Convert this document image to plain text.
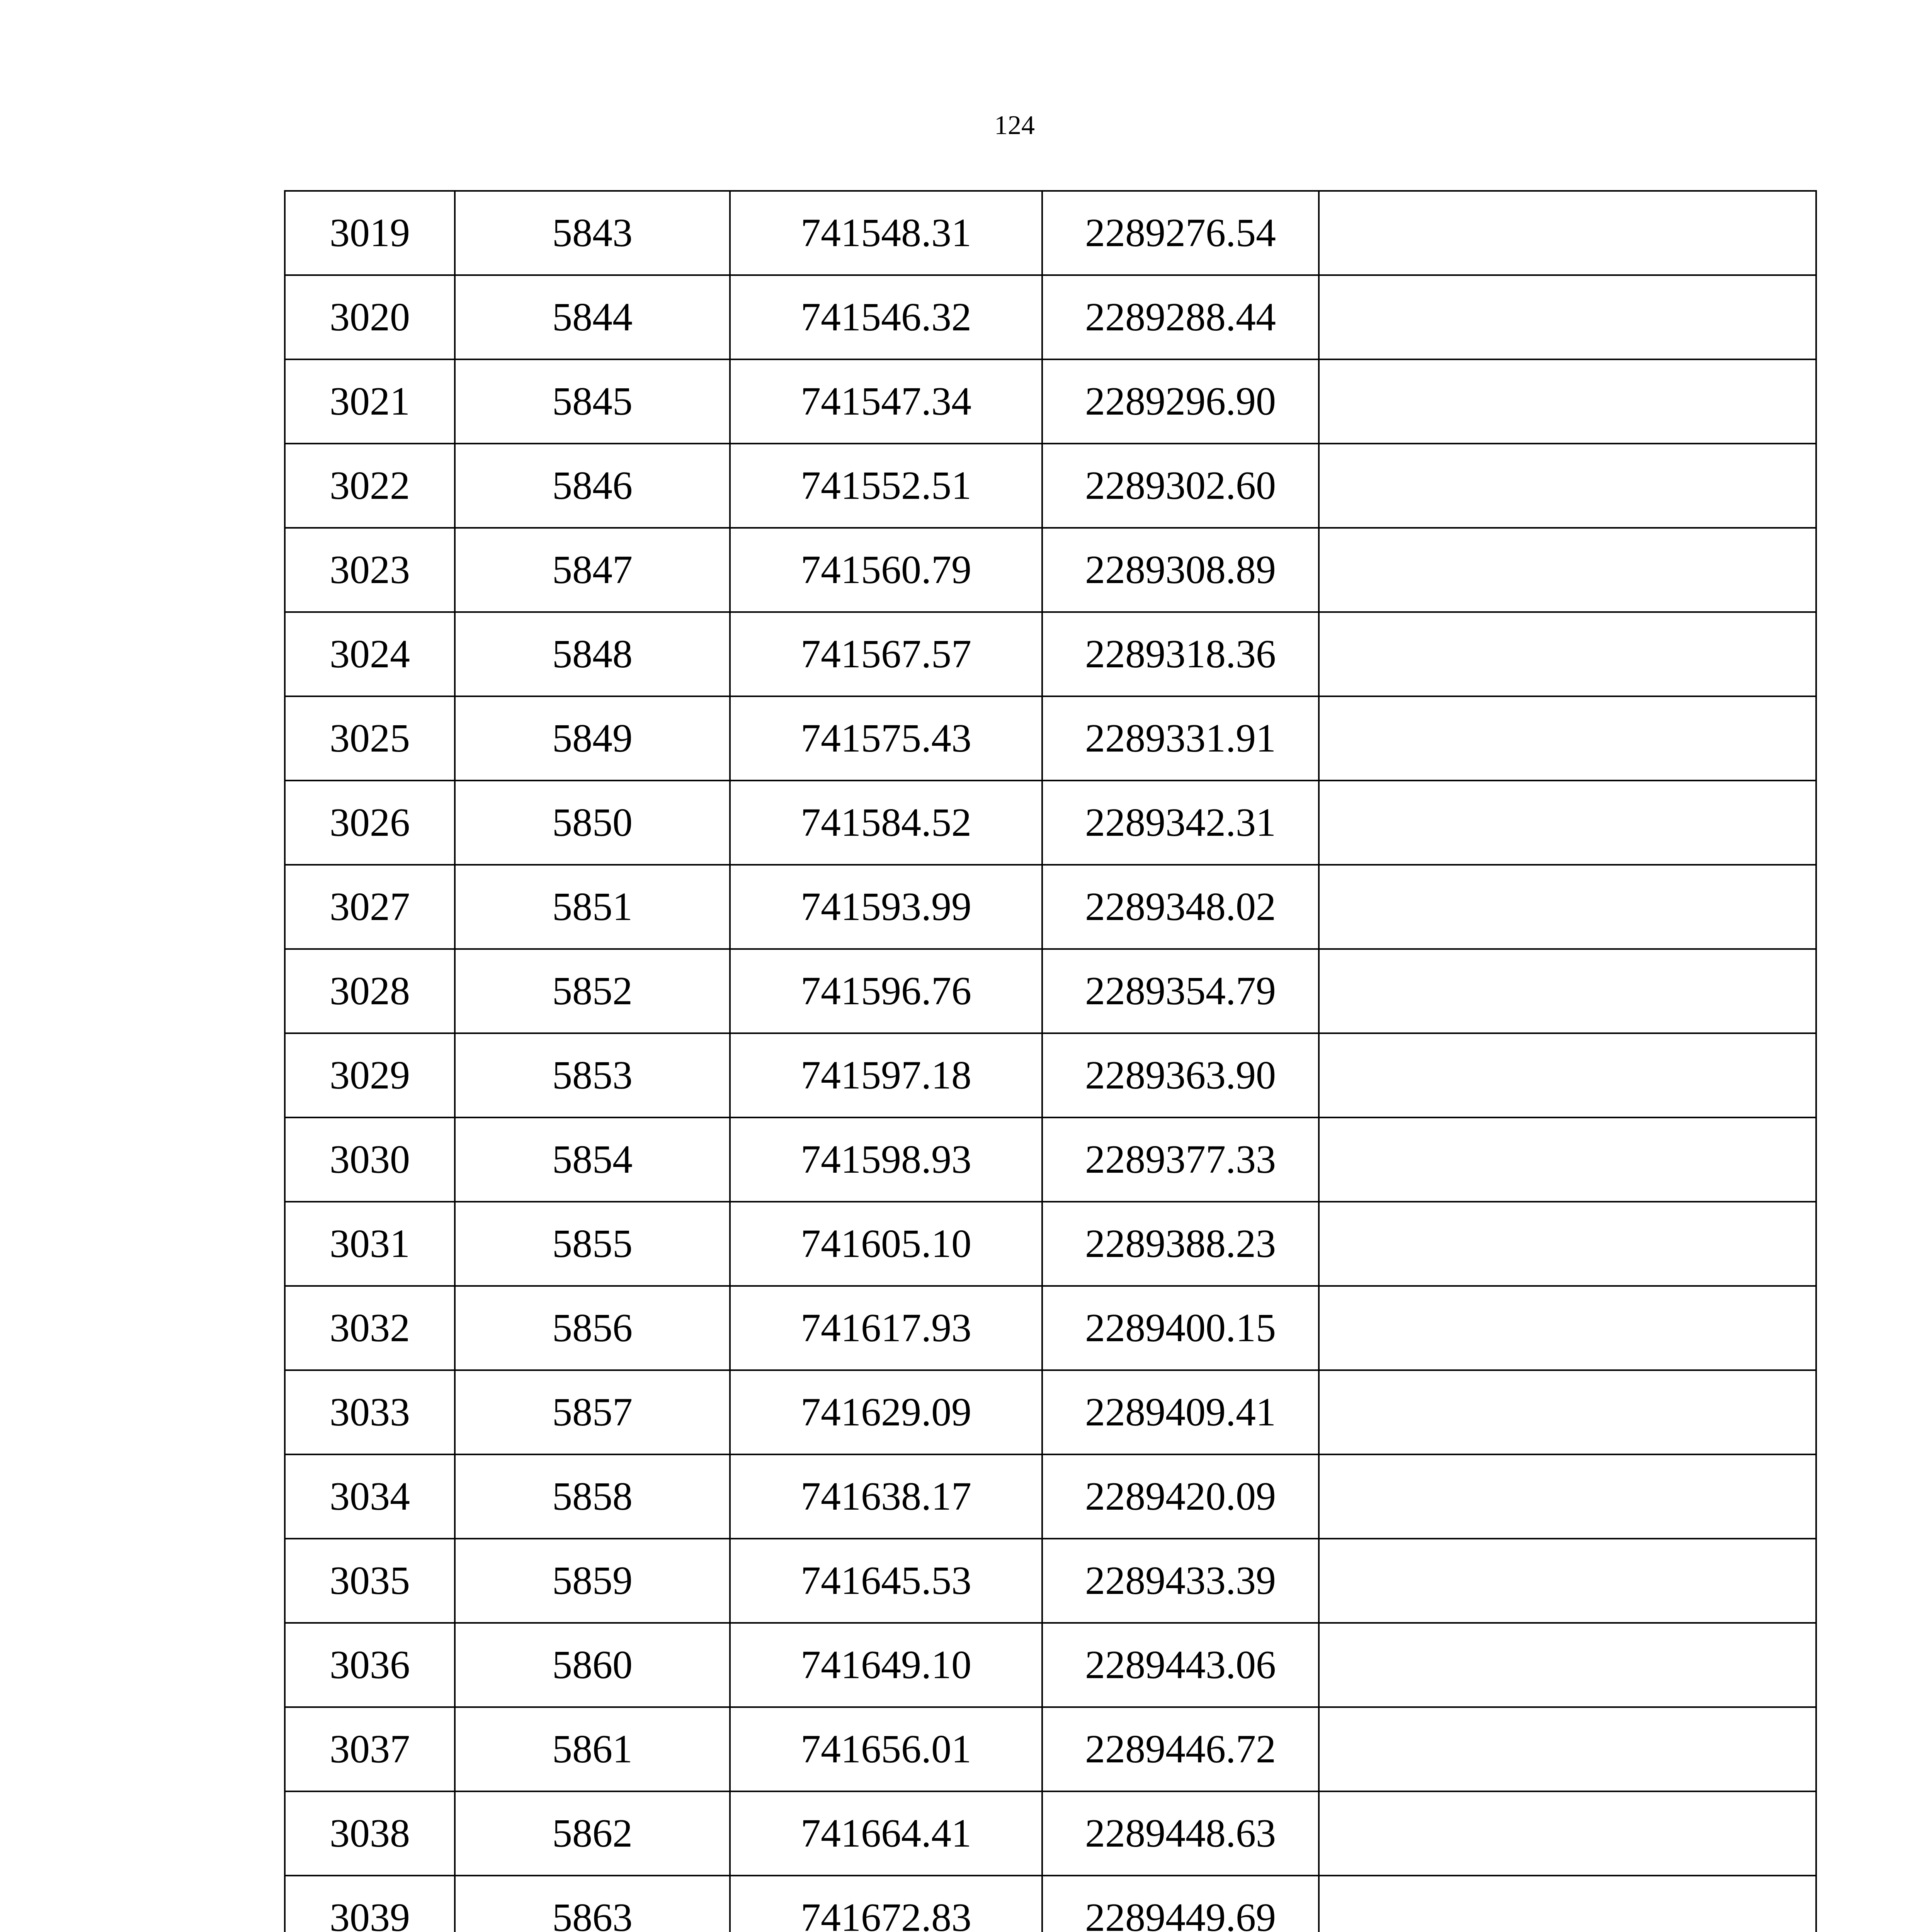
124
3019	5843	741548.31	2289276.54	
3020	5844	741546.32	2289288.44	
3021	5845	741547.34	2289296.90	
3022	5846	741552.51	2289302.60	
3023	5847	741560.79	2289308.89	
3024	5848	741567.57	2289318.36	
3025	5849	741575.43	2289331.91	
3026	5850	741584.52	2289342.31	
3027	5851	741593.99	2289348.02	
3028	5852	741596.76	2289354.79	
3029	5853	741597.18	2289363.90	
3030	5854	741598.93	2289377.33	
3031	5855	741605.10	2289388.23	
3032	5856	741617.93	2289400.15	
3033	5857	741629.09	2289409.41	
3034	5858	741638.17	2289420.09	
3035	5859	741645.53	2289433.39	
3036	5860	741649.10	2289443.06	
3037	5861	741656.01	2289446.72	
3038	5862	741664.41	2289448.63	
3039	5863	741672.83	2289449.69	
